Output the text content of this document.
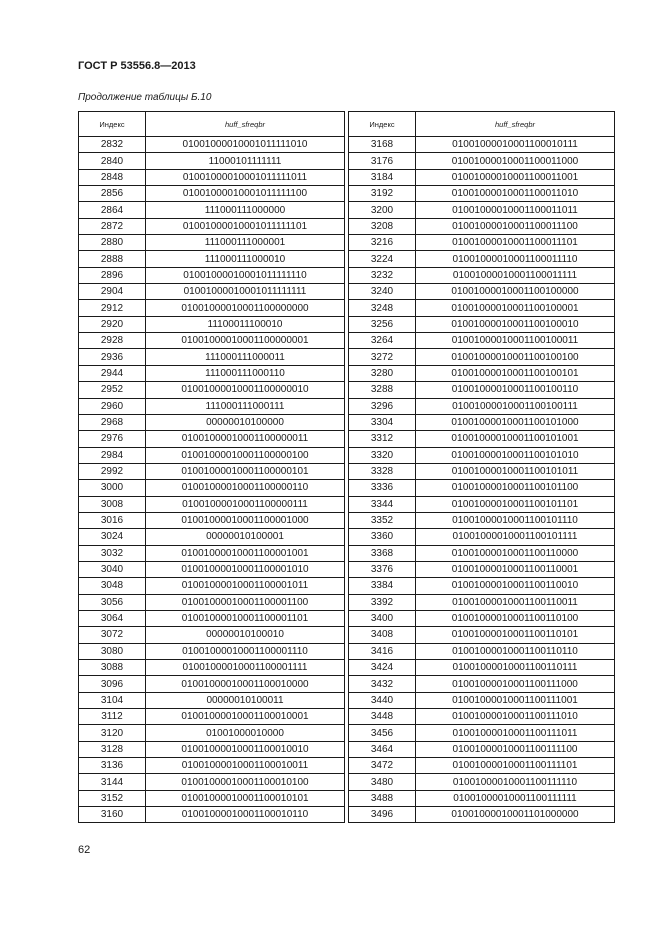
ГОСТ Р 53556.8—2013
Продолжение таблицы Б.10
Индекс	huff_sfreqbr
2832	01001000010001011111010
2840	11000101111111
2848	01001000010001011111011
2856	01001000010001011111100
2864	111000111000000
2872	01001000010001011111101
2880	111000111000001
2888	111000111000010
2896	01001000010001011111110
2904	01001000010001011111111
2912	01001000010001100000000
2920	11100011100010
2928	01001000010001100000001
2936	111000111000011
2944	111000111000110
2952	01001000010001100000010
2960	111000111000111
2968	00000010100000
2976	01001000010001100000011
2984	01001000010001100000100
2992	01001000010001100000101
3000	01001000010001100000110
3008	01001000010001100000111
3016	01001000010001100001000
3024	00000010100001
3032	01001000010001100001001
3040	01001000010001100001010
3048	01001000010001100001011
3056	01001000010001100001100
3064	01001000010001100001101
3072	00000010100010
3080	01001000010001100001110
3088	01001000010001100001111
3096	01001000010001100010000
3104	00000010100011
3112	01001000010001100010001
3120	01001000010000
3128	01001000010001100010010
3136	01001000010001100010011
3144	01001000010001100010100
3152	01001000010001100010101
3160	01001000010001100010110
Индекс	huff_sfreqbr
3168	01001000010001100010111
3176	01001000010001100011000
3184	01001000010001100011001
3192	01001000010001100011010
3200	01001000010001100011011
3208	01001000010001100011100
3216	01001000010001100011101
3224	01001000010001100011110
3232	01001000010001100011111
3240	01001000010001100100000
3248	01001000010001100100001
3256	01001000010001100100010
3264	01001000010001100100011
3272	01001000010001100100100
3280	01001000010001100100101
3288	01001000010001100100110
3296	01001000010001100100111
3304	01001000010001100101000
3312	01001000010001100101001
3320	01001000010001100101010
3328	01001000010001100101011
3336	01001000010001100101100
3344	01001000010001100101101
3352	01001000010001100101110
3360	01001000010001100101111
3368	01001000010001100110000
3376	01001000010001100110001
3384	01001000010001100110010
3392	01001000010001100110011
3400	01001000010001100110100
3408	01001000010001100110101
3416	01001000010001100110110
3424	01001000010001100110111
3432	01001000010001100111000
3440	01001000010001100111001
3448	01001000010001100111010
3456	01001000010001100111011
3464	01001000010001100111100
3472	01001000010001100111101
3480	01001000010001100111110
3488	01001000010001100111111
3496	01001000010001101000000
62
